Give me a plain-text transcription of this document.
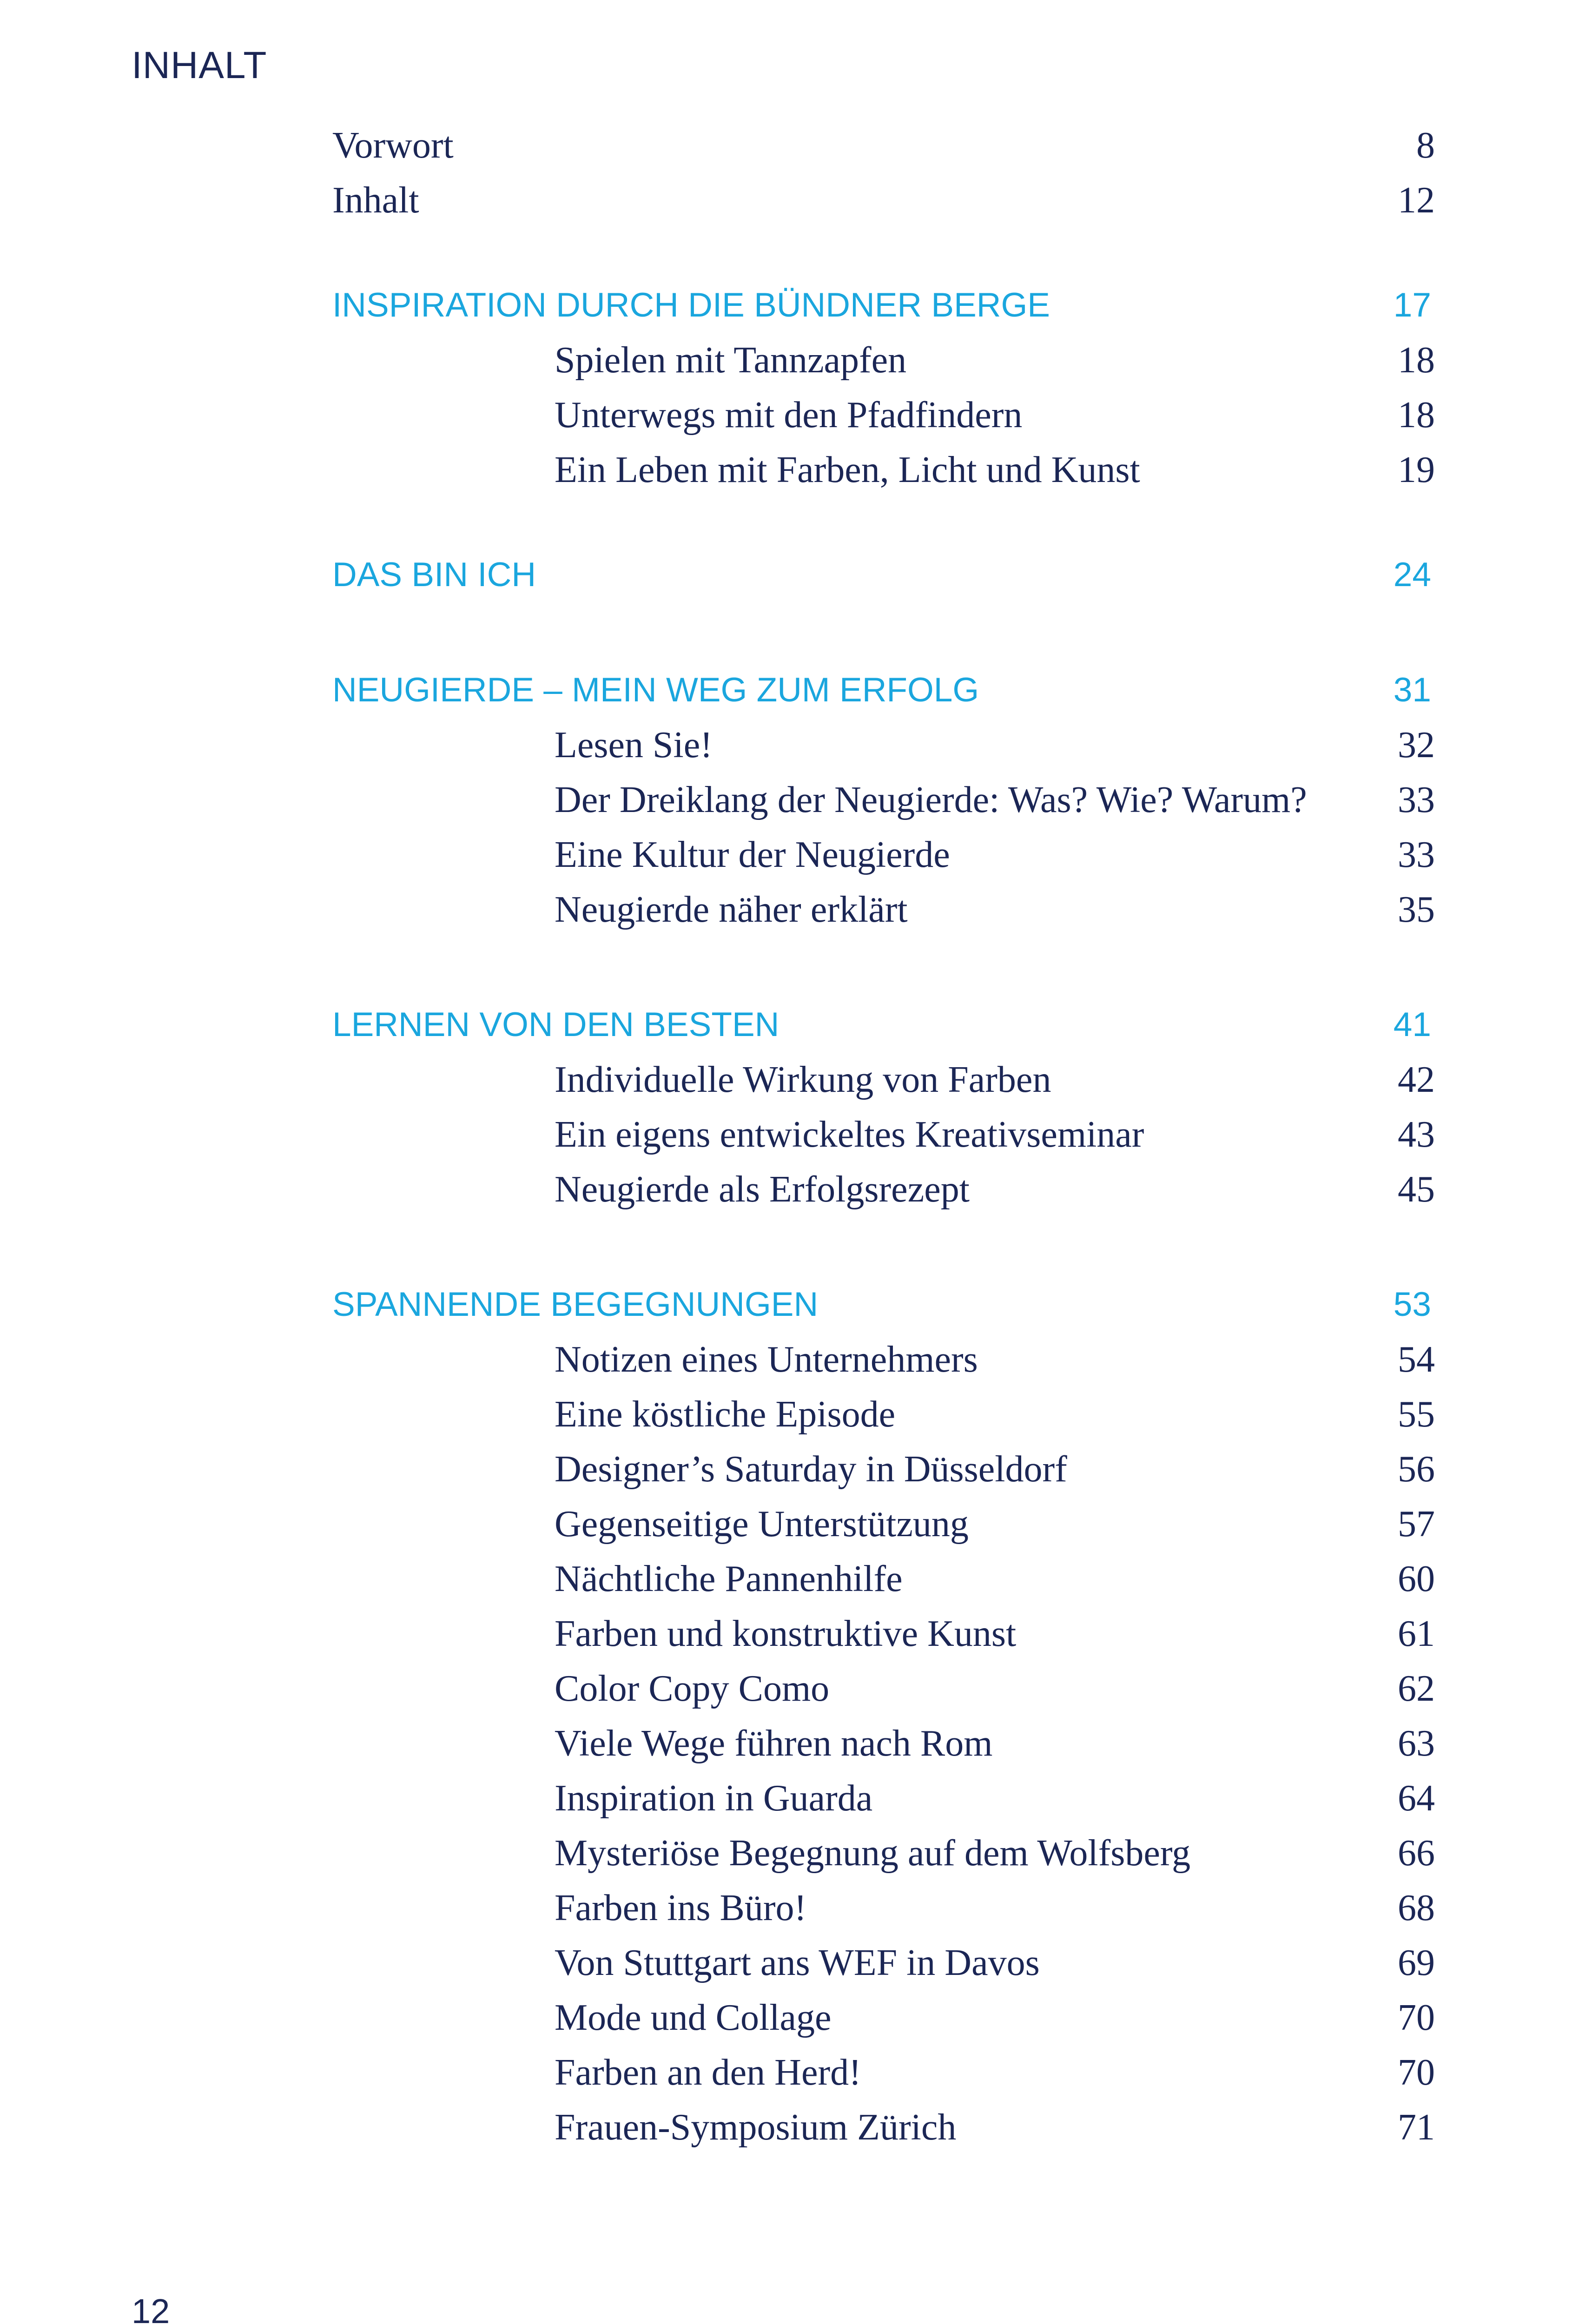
INHALT
Vorwort	8
Inhalt	12
INSPIRATION DURCH DIE BÜNDNER BERGE	17
Spielen mit Tannzapfen	18
Unterwegs mit den Pfadfindern	18
Ein Leben mit Farben, Licht und Kunst	19
DAS BIN ICH	24
NEUGIERDE – MEIN WEG ZUM ERFOLG	31
Lesen Sie!	32
Der Dreiklang der Neugierde: Was? Wie? Warum? 33
Eine Kultur der Neugierde	33
Neugierde näher erklärt	35
LERNEN VON DEN BESTEN	41
Individuelle Wirkung von Farben	42
Ein eigens entwickeltes Kreativseminar	43
Neugierde als Erfolgsrezept	45
SPANNENDE BEGEGNUNGEN	53
Notizen eines Unternehmers	54
Eine köstliche Episode	55
Designer’s Saturday in Düsseldorf	56
Gegenseitige Unterstützung	57
Nächtliche Pannenhilfe	60
Farben und konstruktive Kunst	61
Color Copy Como	62
Viele Wege führen nach Rom	63
Inspiration in Guarda	64
Mysteriöse Begegnung auf dem Wolfsberg	66
Farben ins Büro!	68
Von Stuttgart ans WEF in Davos	69
Mode und Collage	70
Farben an den Herd!	70
Frauen-Symposium Zürich	71
12
